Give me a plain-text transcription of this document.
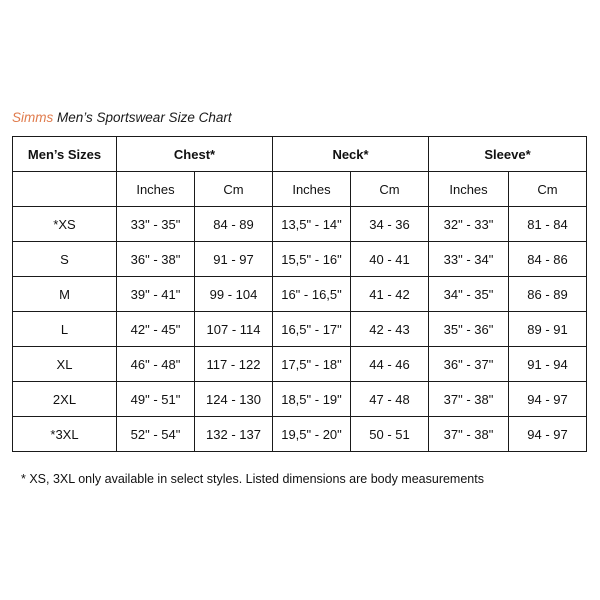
Simms Men’s Sportswear Size Chart
Men’s Sizes	Chest*		Neck*		Sleeve*	
	Inches	Cm	Inches	Cm	Inches	Cm
*XS	33" - 35"	84 - 89	13,5" - 14"	34 - 36	32" - 33"	81 - 84
S	36" - 38"	91 - 97	15,5" - 16"	40 - 41	33" - 34"	84 - 86
M	39" - 41"	99 - 104	16" - 16,5"	41 - 42	34" - 35"	86 - 89
L	42" - 45"	107 - 114	16,5" - 17"	42 - 43	35" - 36"	89 - 91
XL	46" - 48"	117 - 122	17,5" - 18"	44 - 46	36" - 37"	91 - 94
2XL	49" - 51"	124 - 130	18,5" - 19"	47 - 48	37" - 38"	94 - 97
*3XL	52" - 54"	132 - 137	19,5" - 20"	50 - 51	37" - 38"	94 - 97
* XS, 3XL only available in select styles. Listed dimensions are body measurements
